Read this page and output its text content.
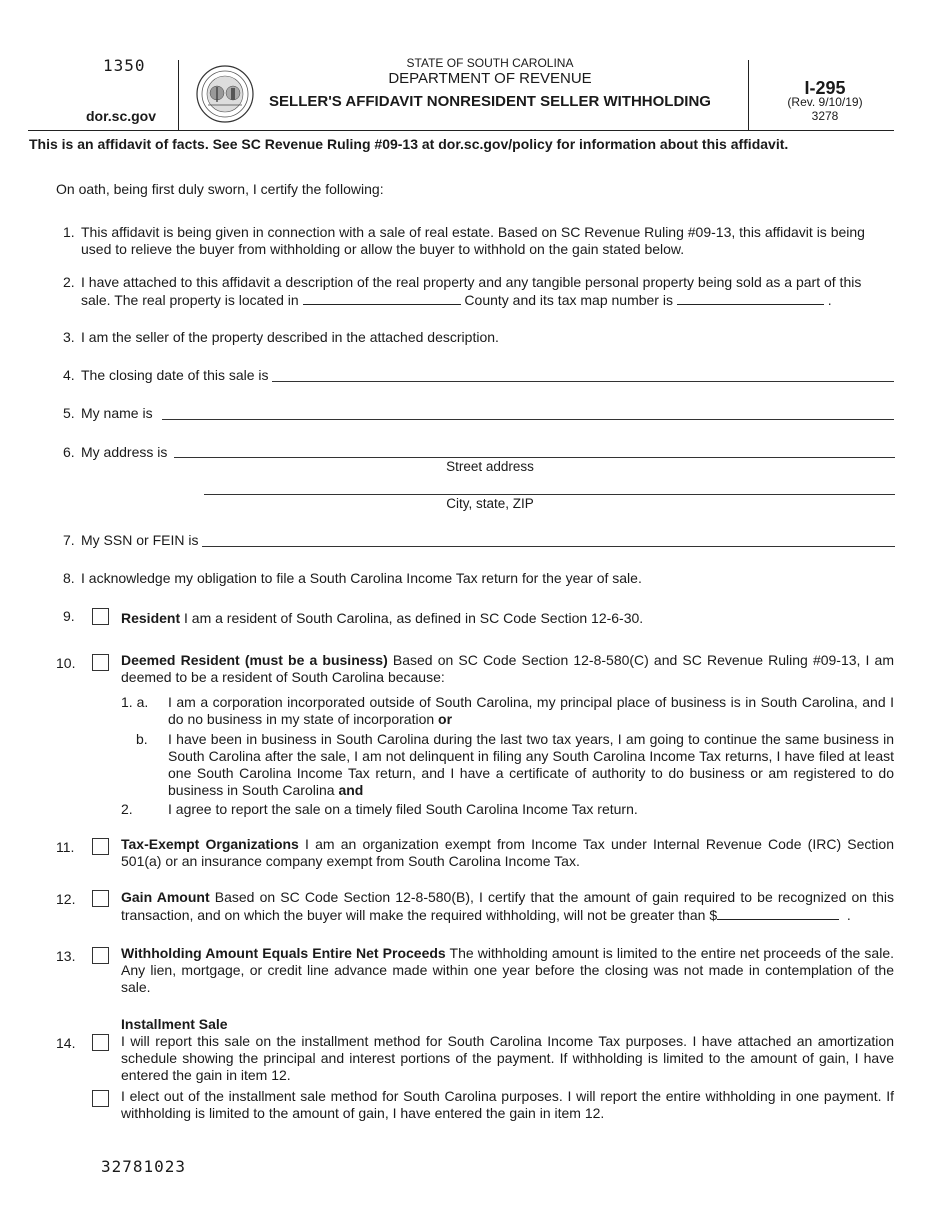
1350
dor.sc.gov
STATE OF SOUTH CAROLINA
DEPARTMENT OF REVENUE
SELLER'S AFFIDAVIT NONRESIDENT SELLER WITHHOLDING
I-295
(Rev. 9/10/19)
3278
This is an affidavit of facts. See SC Revenue Ruling #09-13 at dor.sc.gov/policy for information about this affidavit.
On oath, being first duly sworn, I certify the following:
1. This affidavit is being given in connection with a sale of real estate. Based on SC Revenue Ruling #09-13, this affidavit is being used to relieve the buyer from withholding or allow the buyer to withhold on the gain stated below.
2. I have attached to this affidavit a description of the real property and any tangible personal property being sold as a part of this
sale. The real property is located in	County and its tax map number is	.
3. I am the seller of the property described in the attached description.
4. The closing date of this sale is
5. My name is
6. My address is
Street address
City, state, ZIP
7. My SSN or FEIN is
8. I acknowledge my obligation to file a South Carolina Income Tax return for the year of sale.
9.	Resident I am a resident of South Carolina, as defined in SC Code Section 12-6-30.
10.	Deemed Resident (must be a business) Based on SC Code Section 12-8-580(C) and SC Revenue Ruling #09-13, I am deemed to be a resident of South Carolina because:
1. a. I am a corporation incorporated outside of South Carolina, my principal place of business is in South Carolina, and I do no business in my state of incorporation or
b. I have been in business in South Carolina during the last two tax years, I am going to continue the same business in South Carolina after the sale, I am not delinquent in filing any South Carolina Income Tax returns, I have filed at least one South Carolina Income Tax return, and I have a certificate of authority to do business or am registered to do business in South Carolina and
2.	I agree to report the sale on a timely filed South Carolina Income Tax return.
11.	Tax-Exempt Organizations I am an organization exempt from Income Tax under Internal Revenue Code (IRC) Section 501(a) or an insurance company exempt from South Carolina Income Tax.
12.	Gain Amount Based on SC Code Section 12-8-580(B), I certify that the amount of gain required to be recognized on this transaction, and on which the buyer will make the required withholding, will not be greater than $	.
13.	Withholding Amount Equals Entire Net Proceeds The withholding amount is limited to the entire net proceeds of the sale. Any lien, mortgage, or credit line advance made within one year before the closing was not made in contemplation of the sale.
Installment Sale
14.	I will report this sale on the installment method for South Carolina Income Tax purposes. I have attached an amortization schedule showing the principal and interest portions of the payment. If withholding is limited to the amount of gain, I have entered the gain in item 12.
I elect out of the installment sale method for South Carolina purposes. I will report the entire withholding in one payment. If withholding is limited to the amount of gain, I have entered the gain in item 12.
32781023
